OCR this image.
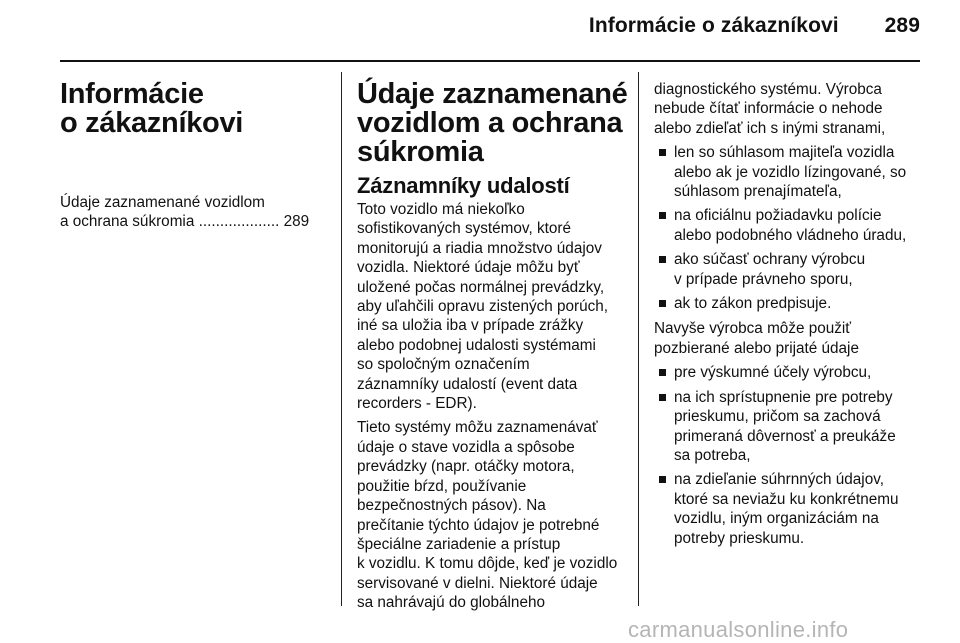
Informácie o zákazníkovi 289
Informácie
o zákazníkovi
Údaje zaznamenané vozidlom
a ochrana súkromia ................... 289
Údaje zaznamenané
vozidlom a ochrana
súkromia
Záznamníky udalostí

Toto vozidlo má niekoľko
sofistikovaných systémov, ktoré
monitorujú a riadia množstvo údajov
vozidla. Niektoré údaje môžu byť
uložené počas normálnej prevádzky,
aby uľahčili opravu zistených porúch,
iné sa uložia iba v prípade zrážky
alebo podobnej udalosti systémami
so spoločným označením
záznamníky udalostí (event data
recorders - EDR).

Tieto systémy môžu zaznamenávať
údaje o stave vozidla a spôsobe
prevádzky (napr. otáčky motora,
použitie bŕzd, používanie
bezpečnostných pásov). Na
prečítanie týchto údajov je potrebné
špeciálne zariadenie a prístup
k vozidlu. K tomu dôjde, keď je vozidlo
servisované v dielni. Niektoré údaje
sa nahrávajú do globálneho

diagnostického systému. Výrobca
nebude čítať informácie o nehode
alebo zdieľať ich s inými stranami,

len so súhlasom majiteľa vozidla
alebo ak je vozidlo lízingované, so
súhlasom prenajímateľa,
na oficiálnu požiadavku polície
alebo podobného vládneho úradu,
ako súčasť ochrany výrobcu
v prípade právneho sporu,
ak to zákon predpisuje.

Navyše výrobca môže použiť
pozbierané alebo prijaté údaje

pre výskumné účely výrobcu,
na ich sprístupnenie pre potreby
prieskumu, pričom sa zachová
primeraná dôvernosť a preukáže
sa potreba,
na zdieľanie súhrnných údajov,
ktoré sa neviažu ku konkrétnemu
vozidlu, iným organizáciám na
potreby prieskumu.
carmanualsonline.info
